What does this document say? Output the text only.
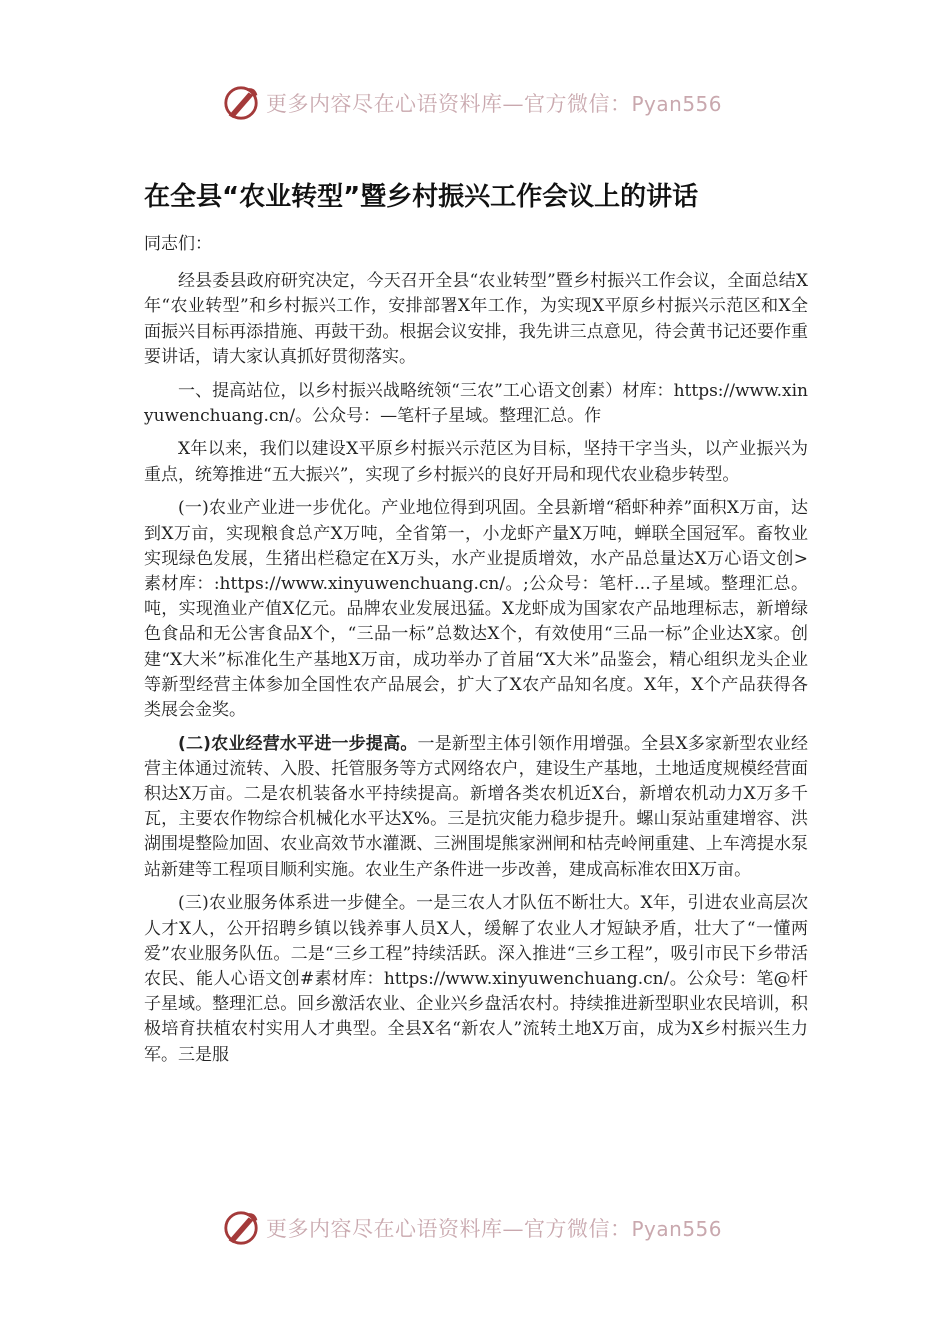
更多内容尽在心语资料库—官方微信：Pyan556
在全县“农业转型”暨乡村振兴工作会议上的讲话

同志们：

经县委县政府研究决定，今天召开全县“农业转型”暨乡村振兴工作会议，全面总结X年“农业转型”和乡村振兴工作，安排部署X年工作，为实现X平原乡村振兴示范区和X全面振兴目标再添措施、再鼓干劲。根据会议安排，我先讲三点意见，待会黄书记还要作重要讲话，请大家认真抓好贯彻落实。

一、提高站位，以乡村振兴战略统领“三农”工心语文创素）材库：https://www.xinyuwenchuang.cn/。公众号：—笔杆子星域。整理汇总。作

X年以来，我们以建设X平原乡村振兴示范区为目标，坚持干字当头，以产业振兴为重点，统筹推进“五大振兴”，实现了乡村振兴的良好开局和现代农业稳步转型。

(一)农业产业进一步优化。产业地位得到巩固。全县新增“稻虾种养”面积X万亩，达到X万亩，实现粮食总产X万吨，全省第一，小龙虾产量X万吨，蝉联全国冠军。畜牧业实现绿色发展，生猪出栏稳定在X万头，水产业提质增效，水产品总量达X万心语文创>素材库：:https://www.xinyuwenchuang.cn/。;公众号：笔杆…子星域。整理汇总。吨，实现渔业产值X亿元。品牌农业发展迅猛。X龙虾成为国家农产品地理标志，新增绿色食品和无公害食品X个，“三品一标”总数达X个，有效使用“三品一标”企业达X家。创建“X大米”标准化生产基地X万亩，成功举办了首届“X大米”品鉴会，精心组织龙头企业等新型经营主体参加全国性农产品展会，扩大了X农产品知名度。X年，X个产品获得各类展会金奖。

(二)农业经营水平进一步提高。一是新型主体引领作用增强。全县X多家新型农业经营主体通过流转、入股、托管服务等方式网络农户，建设生产基地，土地适度规模经营面积达X万亩。二是农机装备水平持续提高。新增各类农机近X台，新增农机动力X万多千瓦，主要农作物综合机械化水平达X%。三是抗灾能力稳步提升。螺山泵站重建增容、洪湖围堤整险加固、农业高效节水灌溉、三洲围堤熊家洲闸和枯壳岭闸重建、上车湾提水泵站新建等工程项目顺利实施。农业生产条件进一步改善，建成高标准农田X万亩。

(三)农业服务体系进一步健全。一是三农人才队伍不断壮大。X年，引进农业高层次人才X人，公开招聘乡镇以钱养事人员X人，缓解了农业人才短缺矛盾，壮大了“一懂两爱”农业服务队伍。二是“三乡工程”持续活跃。深入推进“三乡工程”，吸引市民下乡带活农民、能人心语文创#素材库：https://www.xinyuwenchuang.cn/。公众号：笔@杆子星域。整理汇总。回乡激活农业、企业兴乡盘活农村。持续推进新型职业农民培训，积极培育扶植农村实用人才典型。全县X名“新农人”流转土地X万亩，成为X乡村振兴生力军。三是服

更多内容尽在心语资料库—官方微信：Pyan556
